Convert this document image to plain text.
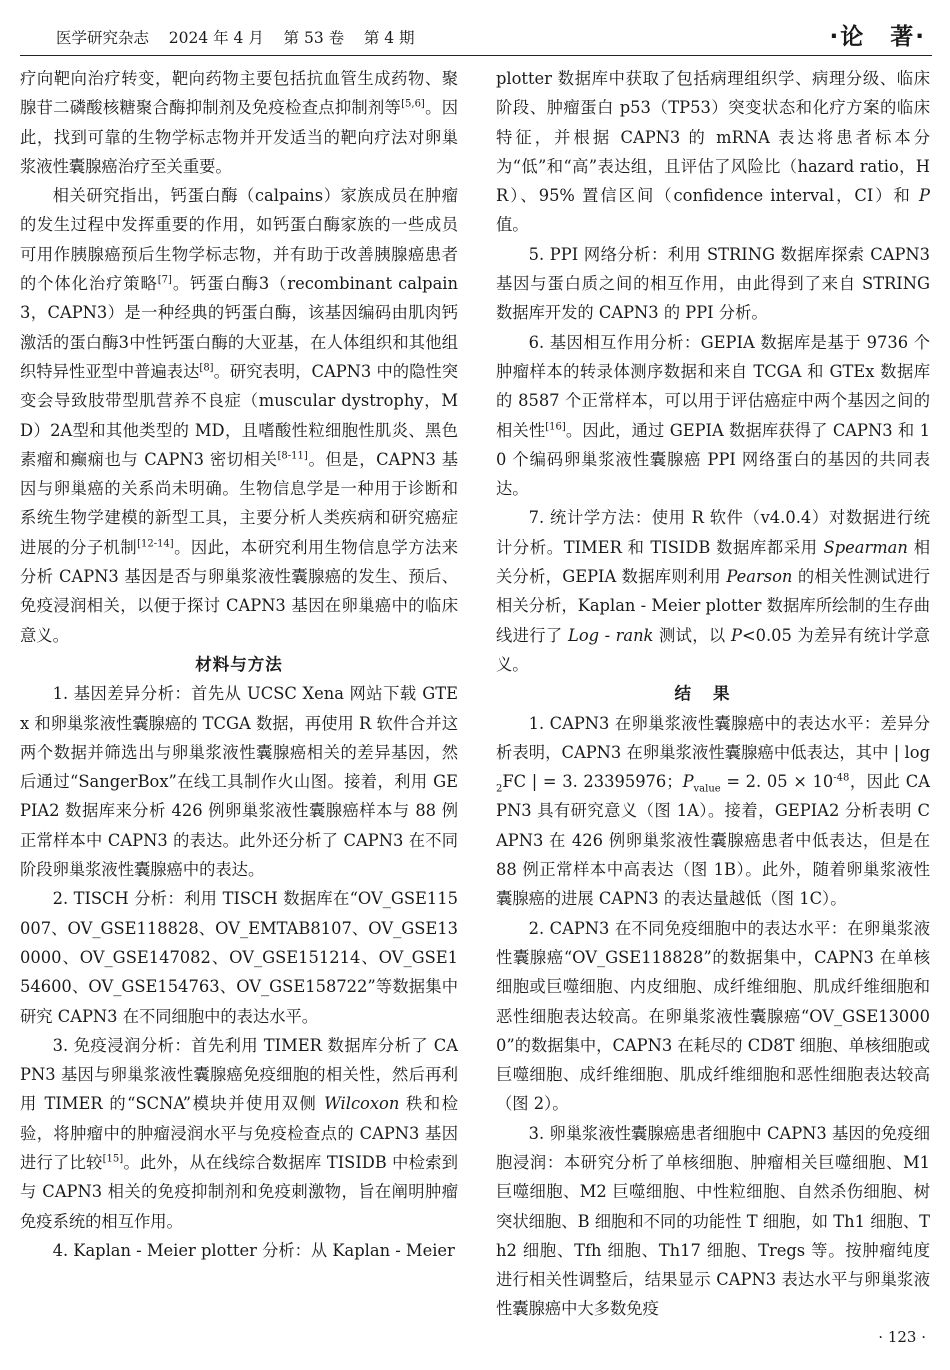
医学研究杂志 2024 年 4 月 第 53 卷 第 4 期	·论　著·

疗向靶向治疗转变，靶向药物主要包括抗血管生成药物、聚腺苷二磷酸核糖聚合酶抑制剂及免疫检查点抑制剂等[5,6]。因此，找到可靠的生物学标志物并开发适当的靶向疗法对卵巢浆液性囊腺癌治疗至关重要。

相关研究指出，钙蛋白酶（calpains）家族成员在肿瘤的发生过程中发挥重要的作用，如钙蛋白酶家族的一些成员可用作胰腺癌预后生物学标志物，并有助于改善胰腺癌患者的个体化治疗策略[7]。钙蛋白酶3（recombinant calpain 3，CAPN3）是一种经典的钙蛋白酶，该基因编码由肌肉钙激活的蛋白酶3中性钙蛋白酶的大亚基，在人体组织和其他组织特异性亚型中普遍表达[8]。研究表明，CAPN3 中的隐性突变会导致肢带型肌营养不良症（muscular dystrophy，MD）2A型和其他类型的 MD，且嗜酸性粒细胞性肌炎、黑色素瘤和癫痫也与 CAPN3 密切相关[8-11]。但是，CAPN3 基因与卵巢癌的关系尚未明确。生物信息学是一种用于诊断和系统生物学建模的新型工具，主要分析人类疾病和研究癌症进展的分子机制[12-14]。因此，本研究利用生物信息学方法来分析 CAPN3 基因是否与卵巢浆液性囊腺癌的发生、预后、免疫浸润相关，以便于探讨 CAPN3 基因在卵巢癌中的临床意义。

材料与方法

1. 基因差异分析：首先从 UCSC Xena 网站下载 GTEx 和卵巢浆液性囊腺癌的 TCGA 数据，再使用 R 软件合并这两个数据并筛选出与卵巢浆液性囊腺癌相关的差异基因，然后通过“SangerBox”在线工具制作火山图。接着，利用 GEPIA2 数据库来分析 426 例卵巢浆液性囊腺癌样本与 88 例正常样本中 CAPN3 的表达。此外还分析了 CAPN3 在不同阶段卵巢浆液性囊腺癌中的表达。

2. TISCH 分析：利用 TISCH 数据库在“OV_GSE115007、OV_GSE118828、OV_EMTAB8107、OV_GSE130000、OV_GSE147082、OV_GSE151214、OV_GSE154600、OV_GSE154763、OV_GSE158722”等数据集中研究 CAPN3 在不同细胞中的表达水平。

3. 免疫浸润分析：首先利用 TIMER 数据库分析了 CAPN3 基因与卵巢浆液性囊腺癌免疫细胞的相关性，然后再利用 TIMER 的“SCNA”模块并使用双侧 Wilcoxon 秩和检验，将肿瘤中的肿瘤浸润水平与免疫检查点的 CAPN3 基因进行了比较[15]。此外，从在线综合数据库 TISIDB 中检索到与 CAPN3 相关的免疫抑制剂和免疫刺激物，旨在阐明肿瘤免疫系统的相互作用。

4. Kaplan - Meier plotter 分析：从 Kaplan - Meier

plotter 数据库中获取了包括病理组织学、病理分级、临床阶段、肿瘤蛋白 p53（TP53）突变状态和化疗方案的临床特征，并根据 CAPN3 的 mRNA 表达将患者标本分为“低”和“高”表达组，且评估了风险比（hazard ratio，HR）、95% 置信区间（confidence interval，CI）和 P 值。

5. PPI 网络分析：利用 STRING 数据库探索 CAPN3 基因与蛋白质之间的相互作用，由此得到了来自 STRING 数据库开发的 CAPN3 的 PPI 分析。

6. 基因相互作用分析：GEPIA 数据库是基于 9736 个肿瘤样本的转录体测序数据和来自 TCGA 和 GTEx 数据库的 8587 个正常样本，可以用于评估癌症中两个基因之间的相关性[16]。因此，通过 GEPIA 数据库获得了 CAPN3 和 10 个编码卵巢浆液性囊腺癌 PPI 网络蛋白的基因的共同表达。

7. 统计学方法：使用 R 软件（v4.0.4）对数据进行统计分析。TIMER 和 TISIDB 数据库都采用 Spearman 相关分析，GEPIA 数据库则利用 Pearson 的相关性测试进行相关分析，Kaplan - Meier plotter 数据库所绘制的生存曲线进行了 Log - rank 测试，以 P<0.05 为差异有统计学意义。

结果

1. CAPN3 在卵巢浆液性囊腺癌中的表达水平：差异分析表明，CAPN3 在卵巢浆液性囊腺癌中低表达，其中 | $\log_2FC$ | = 3. 23395976；$P_{value} = 2$. $05 \times 10^{-48}$，因此 CAPN3 具有研究意义（图 1A）。接着，GEPIA2 分析表明 CAPN3 在 426 例卵巢浆液性囊腺癌患者中低表达，但是在 88 例正常样本中高表达（图 1B）。此外，随着卵巢浆液性囊腺癌的进展 CAPN3 的表达量越低（图 1C）。

2. CAPN3 在不同免疫细胞中的表达水平：在卵巢浆液性囊腺癌“OV_GSE118828”的数据集中，CAPN3 在单核细胞或巨噬细胞、内皮细胞、成纤维细胞、肌成纤维细胞和恶性细胞表达较高。在卵巢浆液性囊腺癌“OV_GSE130000”的数据集中，CAPN3 在耗尽的 CD8T 细胞、单核细胞或巨噬细胞、成纤维细胞、肌成纤维细胞和恶性细胞表达较高（图 2）。

3. 卵巢浆液性囊腺癌患者细胞中 CAPN3 基因的免疫细胞浸润：本研究分析了单核细胞、肿瘤相关巨噬细胞、M1 巨噬细胞、M2 巨噬细胞、中性粒细胞、自然杀伤细胞、树突状细胞、B 细胞和不同的功能性 T 细胞，如 Th1 细胞、Th2 细胞、Tfh 细胞、Th17 细胞、Tregs 等。按肿瘤纯度进行相关性调整后，结果显示 CAPN3 表达水平与卵巢浆液性囊腺癌中大多数免疫

· 123 ·
